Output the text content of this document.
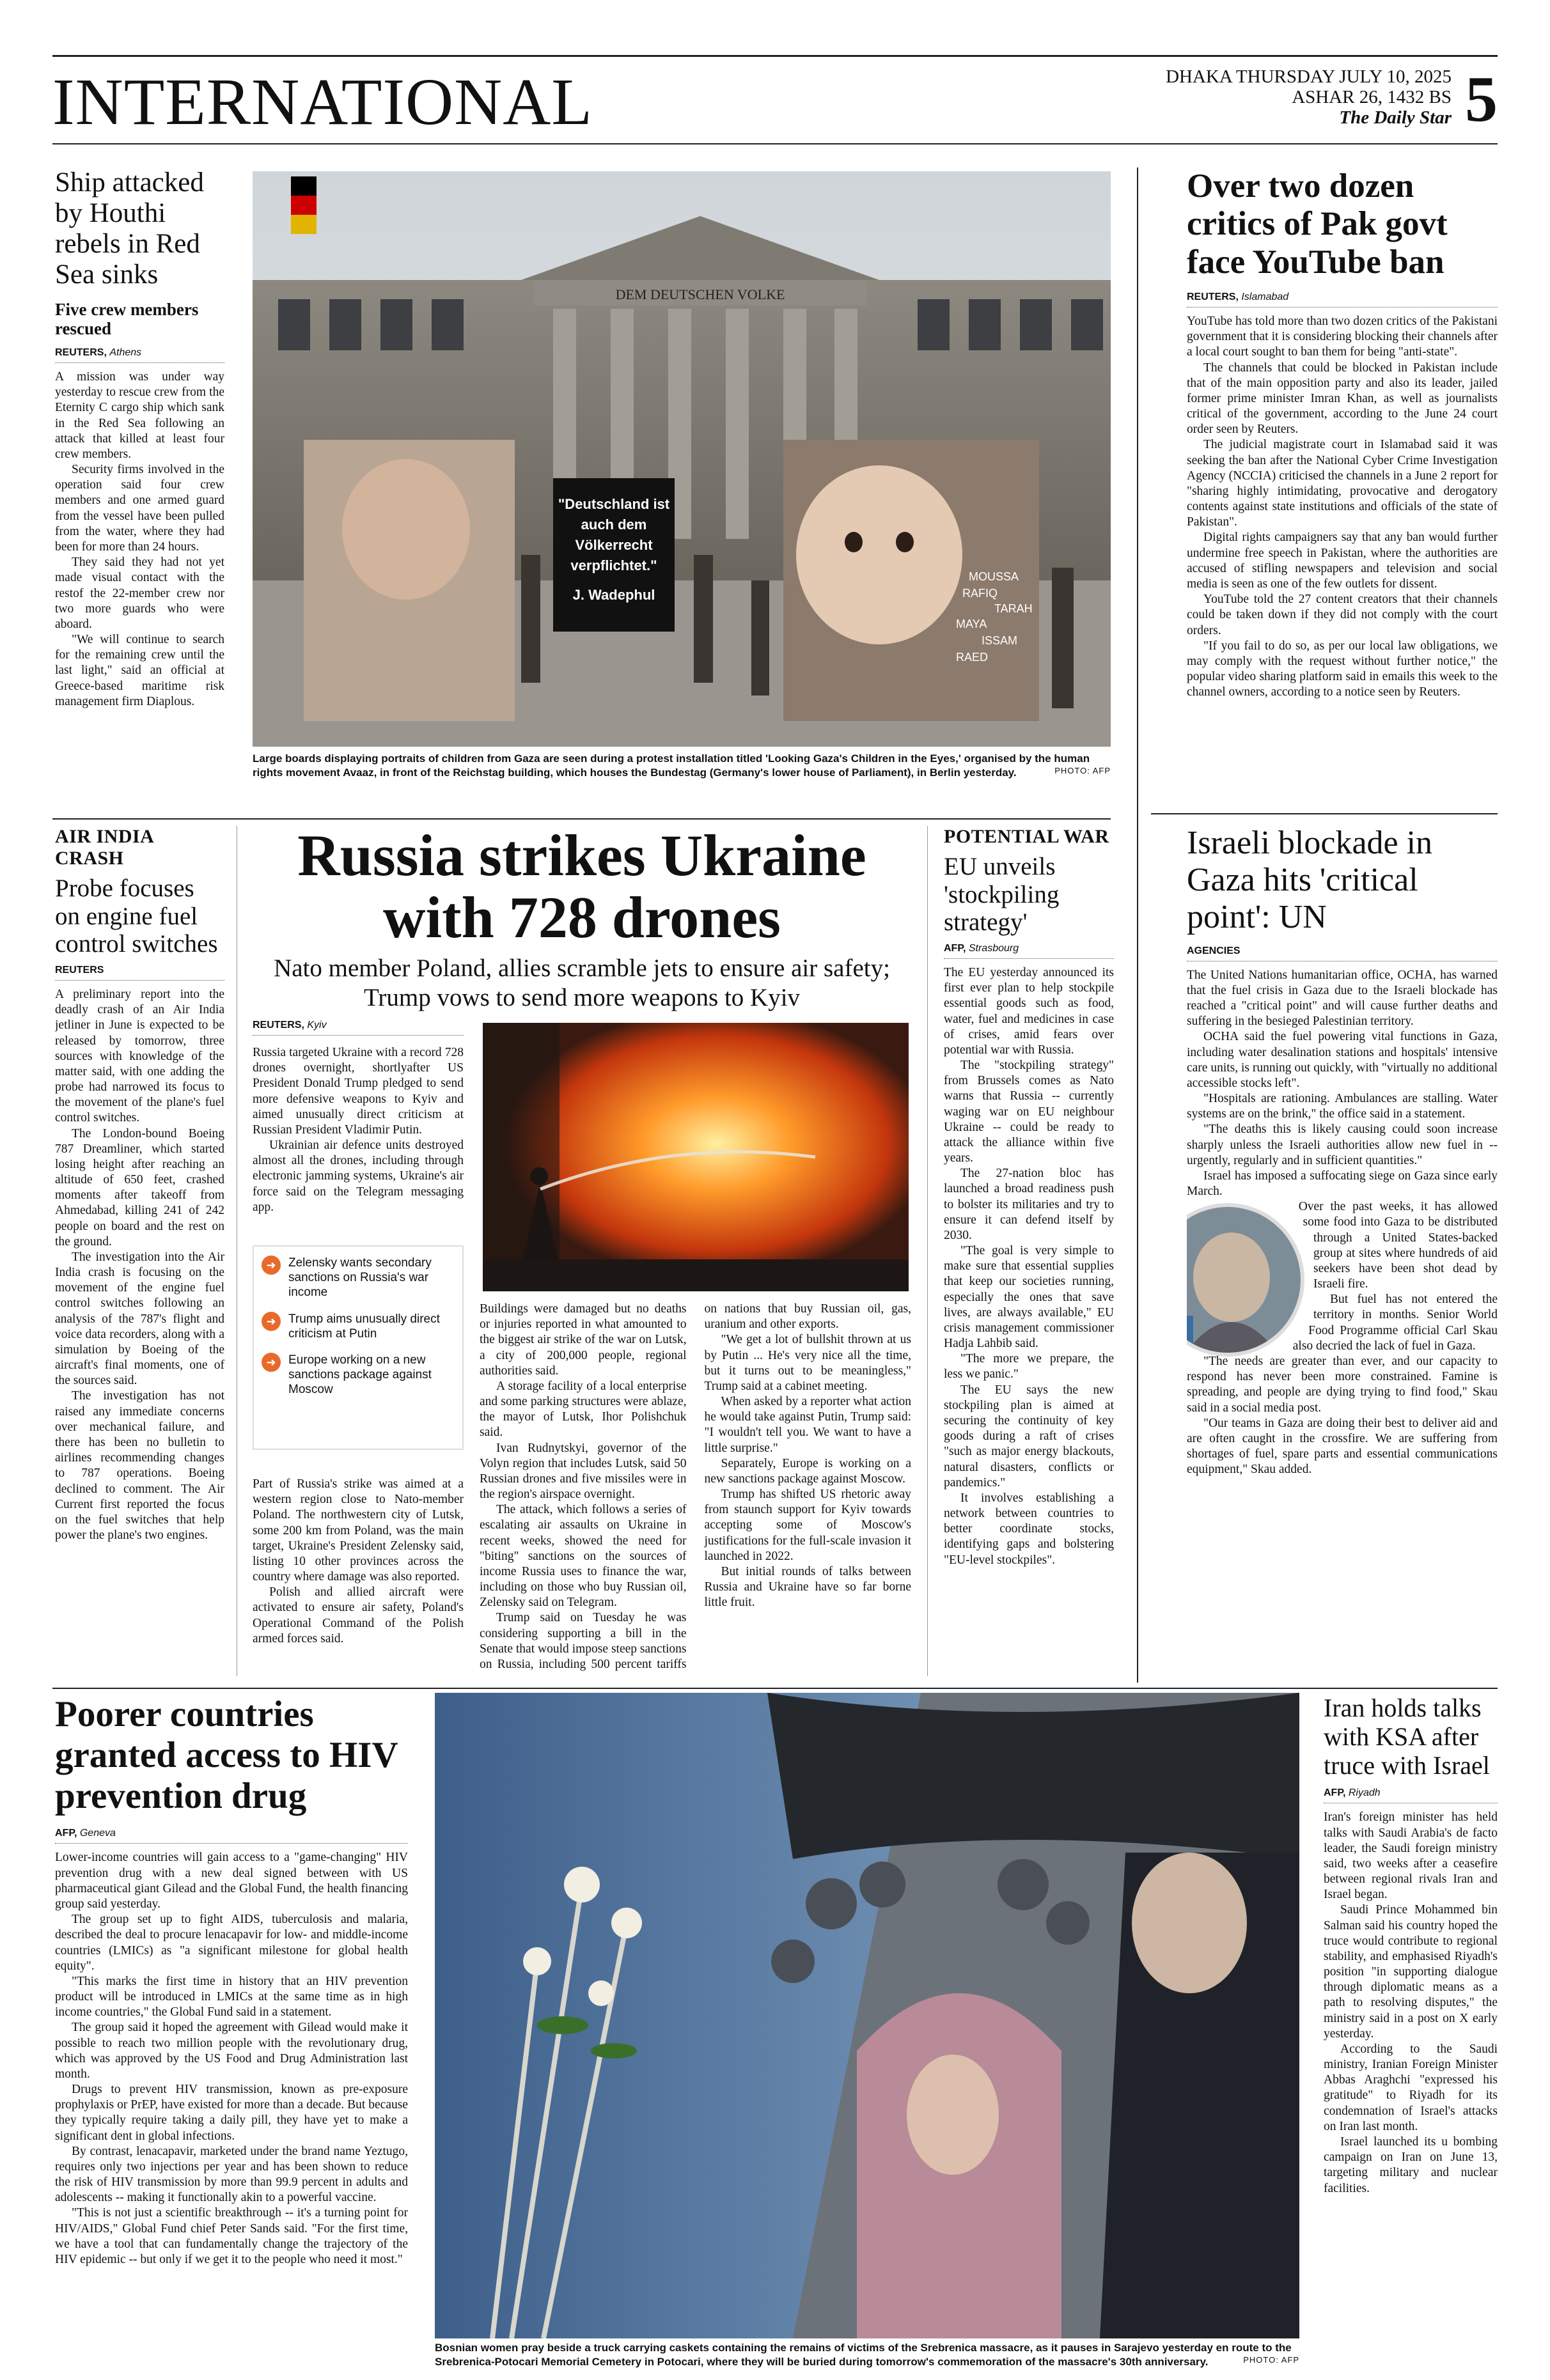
INTERNATIONAL	DHAKA THURSDAY JULY 10, 2025
ASHAR 26, 1432 BS
The Daily Star 5
Ship attacked by Houthi rebels in Red Sea sinks
Five crew members rescued
REUTERS, Athens

A mission was under way yesterday to rescue crew from the Eternity C cargo ship which sank in the Red Sea following an attack that killed at least four crew members.

Security firms involved in the operation said four crew members and one armed guard from the vessel have been pulled from the water, where they had been for more than 24 hours.

They said they had not yet made visual contact with the restof the 22-member crew nor two more guards who were aboard.

"We will continue to search for the remaining crew until the last light," said an official at Greece-based maritime risk management firm Diaplous.

DEM DEUTSCHEN VOLKE
"Deutschland ist
auch dem
Völkerrecht
verpflichtet."
J. Wadephul
MOUSSA
RAFIQ
TARAH
MAYA
ISSAM
RAED
Large boards displaying portraits of children from Gaza are seen during a protest installation titled 'Looking Gaza's Children in the Eyes,' organised by the human rights movement Avaaz, in front of the Reichstag building, which houses the Bundestag (Germany's lower house of Parliament), in Berlin yesterday.	PHOTO: AFP
Over two dozen critics of Pak govt face YouTube ban
REUTERS, Islamabad

YouTube has told more than two dozen critics of the Pakistani government that it is considering blocking their channels after a local court sought to ban them for being "anti-state".

The channels that could be blocked in Pakistan include that of the main opposition party and also its leader, jailed former prime minister Imran Khan, as well as journalists critical of the government, according to the June 24 court order seen by Reuters.

The judicial magistrate court in Islamabad said it was seeking the ban after the National Cyber Crime Investigation Agency (NCCIA) criticised the channels in a June 2 report for "sharing highly intimidating, provocative and derogatory contents against state institutions and officials of the state of Pakistan".

Digital rights campaigners say that any ban would further undermine free speech in Pakistan, where the authorities are accused of stifling newspapers and television and social media is seen as one of the few outlets for dissent.

YouTube told the 27 content creators that their channels could be taken down if they did not comply with the court orders.

"If you fail to do so, as per our local law obligations, we may comply with the request without further notice," the popular video sharing platform said in emails this week to the channel owners, according to a notice seen by Reuters.

AIR INDIA CRASH
Probe focuses on engine fuel control switches
REUTERS

A preliminary report into the deadly crash of an Air India jetliner in June is expected to be released by tomorrow, three sources with knowledge of the matter said, with one adding the probe had narrowed its focus to the movement of the plane's fuel control switches.

The London-bound Boeing 787 Dreamliner, which started losing height after reaching an altitude of 650 feet, crashed moments after takeoff from Ahmedabad, killing 241 of 242 people on board and the rest on the ground.

The investigation into the Air India crash is focusing on the movement of the engine fuel control switches following an analysis of the 787's flight and voice data recorders, along with a simulation by Boeing of the aircraft's final moments, one of the sources said.

The investigation has not raised any immediate concerns over mechanical failure, and there has been no bulletin to airlines recommending changes to 787 operations. Boeing declined to comment. The Air Current first reported the focus on the fuel switches that help power the plane's two engines.

Russia strikes Ukraine with 728 drones
Nato member Poland, allies scramble jets to ensure air safety; Trump vows to send more weapons to Kyiv
REUTERS, Kyiv

Russia targeted Ukraine with a record 728 drones overnight, shortlyafter US President Donald Trump pledged to send more defensive weapons to Kyiv and aimed unusually direct criticism at Russian President Vladimir Putin.

Ukrainian air defence units destroyed almost all the drones, including through electronic jamming systems, Ukraine's air force said on the Telegram messaging app.

➜	Zelensky wants secondary sanctions on Russia's war income
➜	Trump aims unusually direct criticism at Putin
➜	Europe working on a new sanctions package against Moscow

Part of Russia's strike was aimed at a western region close to Nato-member Poland. The northwestern city of Lutsk, some 200 km from Poland, was the main target, Ukraine's President Zelensky said, listing 10 other provinces across the country where damage was also reported.

Polish and allied aircraft were activated to ensure air safety, Poland's Operational Command of the Polish armed forces said.

Buildings were damaged but no deaths or injuries reported in what amounted to the biggest air strike of the war on Lutsk, a city of 200,000 people, regional authorities said.

A storage facility of a local enterprise and some parking structures were ablaze, the mayor of Lutsk, Ihor Polishchuk said.

Ivan Rudnytskyi, governor of the Volyn region that includes Lutsk, said 50 Russian drones and five missiles were in the region's airspace overnight.

The attack, which follows a series of escalating air assaults on Ukraine in recent weeks, showed the need for "biting" sanctions on the sources of income Russia uses to finance the war, including on those who buy Russian oil, Zelensky said on Telegram.

Trump said on Tuesday he was considering supporting a bill in the Senate that would impose steep sanctions on Russia, including 500 percent tariffs on nations that buy Russian oil, gas, uranium and other exports.

"We get a lot of bullshit thrown at us by Putin ... He's very nice all the time, but it turns out to be meaningless," Trump said at a cabinet meeting.

When asked by a reporter what action he would take against Putin, Trump said: "I wouldn't tell you. We want to have a little surprise."

Separately, Europe is working on a new sanctions package against Moscow.

Trump has shifted US rhetoric away from staunch support for Kyiv towards accepting some of Moscow's justifications for the full-scale invasion it launched in 2022.

But initial rounds of talks between Russia and Ukraine have so far borne little fruit.

POTENTIAL WAR
EU unveils 'stockpiling strategy'
AFP, Strasbourg

The EU yesterday announced its first ever plan to help stockpile essential goods such as food, water, fuel and medicines in case of crises, amid fears over potential war with Russia.

The "stockpiling strategy" from Brussels comes as Nato warns that Russia -- currently waging war on EU neighbour Ukraine -- could be ready to attack the alliance within five years.

The 27-nation bloc has launched a broad readiness push to bolster its militaries and try to ensure it can defend itself by 2030.

"The goal is very simple to make sure that essential supplies that keep our societies running, especially the ones that save lives, are always available," EU crisis management commissioner Hadja Lahbib said.

"The more we prepare, the less we panic."

The EU says the new stockpiling plan is aimed at securing the continuity of key goods during a raft of crises "such as major energy blackouts, natural disasters, conflicts or pandemics."

It involves establishing a network between countries to better coordinate stocks, identifying gaps and bolstering "EU-level stockpiles".

Israeli blockade in Gaza hits 'critical point': UN
AGENCIES

The United Nations humanitarian office, OCHA, has warned that the fuel crisis in Gaza due to the Israeli blockade has reached a "critical point" and will cause further deaths and suffering in the besieged Palestinian territory.

OCHA said the fuel powering vital functions in Gaza, including water desalination stations and hospitals' intensive care units, is running out quickly, with "virtually no additional accessible stocks left".

"Hospitals are rationing. Ambulances are stalling. Water systems are on the brink," the office said in a statement.

"The deaths this is likely causing could soon increase sharply unless the Israeli authorities allow new fuel in -- urgently, regularly and in sufficient quantities."

Israel has imposed a suffocating siege on Gaza since early March.

Over the past weeks, it has allowed some food into Gaza to be distributed through a United States-backed group at sites where hundreds of aid seekers have been shot dead by Israeli fire.

But fuel has not entered the territory in months. Senior World Food Programme official Carl Skau also decried the lack of fuel in Gaza.

"The needs are greater than ever, and our capacity to respond has never been more constrained. Famine is spreading, and people are dying trying to find food," Skau said in a social media post.

"Our teams in Gaza are doing their best to deliver aid and are often caught in the crossfire. We are suffering from shortages of fuel, spare parts and essential communications equipment," Skau added.

Poorer countries granted access to HIV prevention drug
AFP, Geneva

Lower-income countries will gain access to a "game-changing" HIV prevention drug with a new deal signed between with US pharmaceutical giant Gilead and the Global Fund, the health financing group said yesterday.

The group set up to fight AIDS, tuberculosis and malaria, described the deal to procure lenacapavir for low- and middle-income countries (LMICs) as "a significant milestone for global health equity".

"This marks the first time in history that an HIV prevention product will be introduced in LMICs at the same time as in high income countries," the Global Fund said in a statement.

The group said it hoped the agreement with Gilead would make it possible to reach two million people with the revolutionary drug, which was approved by the US Food and Drug Administration last month.

Drugs to prevent HIV transmission, known as pre-exposure prophylaxis or PrEP, have existed for more than a decade. But because they typically require taking a daily pill, they have yet to make a significant dent in global infections.

By contrast, lenacapavir, marketed under the brand name Yeztugo, requires only two injections per year and has been shown to reduce the risk of HIV transmission by more than 99.9 percent in adults and adolescents -- making it functionally akin to a powerful vaccine.

"This is not just a scientific breakthrough -- it's a turning point for HIV/AIDS," Global Fund chief Peter Sands said. "For the first time, we have a tool that can fundamentally change the trajectory of the HIV epidemic -- but only if we get it to the people who need it most."

Bosnian women pray beside a truck carrying caskets containing the remains of victims of the Srebrenica massacre, as it pauses in Sarajevo yesterday en route to the Srebrenica-Potocari Memorial Cemetery in Potocari, where they will be buried during tomorrow's commemoration of the massacre's 30th anniversary.	PHOTO: AFP
Iran holds talks with KSA after truce with Israel
AFP, Riyadh

Iran's foreign minister has held talks with Saudi Arabia's de facto leader, the Saudi foreign ministry said, two weeks after a ceasefire between regional rivals Iran and Israel began.

Saudi Prince Mohammed bin Salman said his country hoped the truce would contribute to regional stability, and emphasised Riyadh's position "in supporting dialogue through diplomatic means as a path to resolving disputes," the ministry said in a post on X early yesterday.

According to the Saudi ministry, Iranian Foreign Minister Abbas Araghchi "expressed his gratitude" to Riyadh for its condemnation of Israel's attacks on Iran last month.

Israel launched its u bombing campaign on Iran on June 13, targeting military and nuclear facilities.
